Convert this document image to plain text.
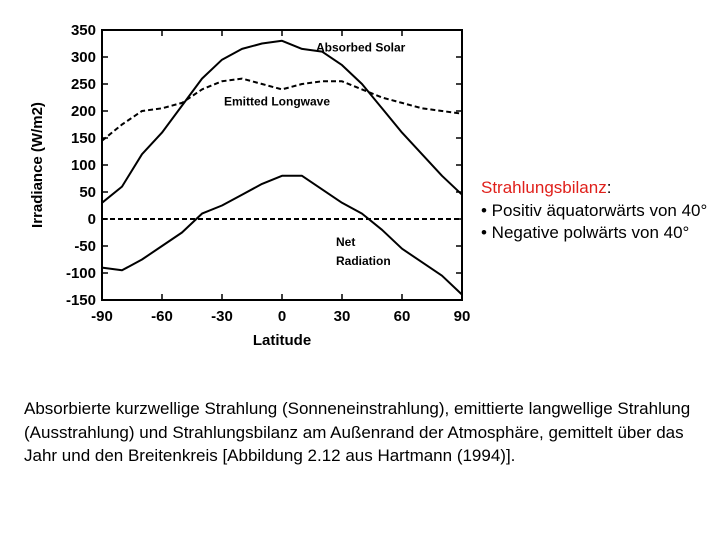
350
300
250
200
150
100
50
0
-50
-100
-150
-90	-60	-30	0	30	60	90
Latitude
Irradiance (W/m2)
Absorbed Solar
Emitted Longwave
Net
Radiation
Strahlungsbilanz:
• Positiv äquatorwärts von 40°
• Negative polwärts von 40°
Absorbierte kurzwellige Strahlung (Sonneneinstrahlung), emittierte langwellige Strahlung (Ausstrahlung) und Strahlungsbilanz am Außenrand der Atmosphäre, gemittelt über das Jahr und den Breitenkreis [Abbildung 2.12 aus Hartmann (1994)].
